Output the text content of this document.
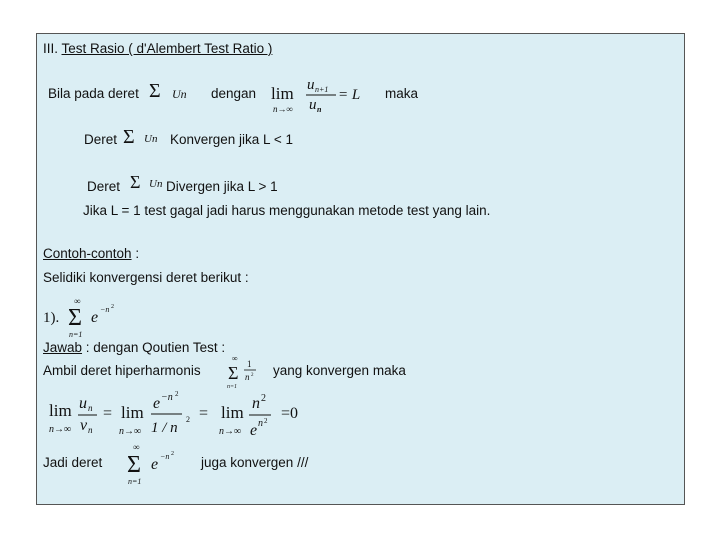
III. Test Rasio ( d'Alembert Test Ratio )
Bila pada deret Σ Un dengan lim
n→∞
u n+1
u n
= L maka
Deret Σ Un Konvergen jika L < 1
Deret Σ Un Divergen jika L > 1
Jika L = 1 test gagal jadi harus menggunakan metode test yang lain.
Contoh-contoh :
Selidiki konvergensi deret berikut :
1).
∞
Σ
n=1
e −n 2
Jawab : dengan Qoutien Test :
Ambil deret hiperharmonis
∞
Σ
n=1
1
n 2 yang konvergen maka
lim
n→∞
u n
v n
= lim
n→∞
e −n 2
1 / n
2 = lim
n→∞
n 2
e n 2 =0
Jadi deret
∞
Σ
n=1
e −n 2
juga konvergen ///
